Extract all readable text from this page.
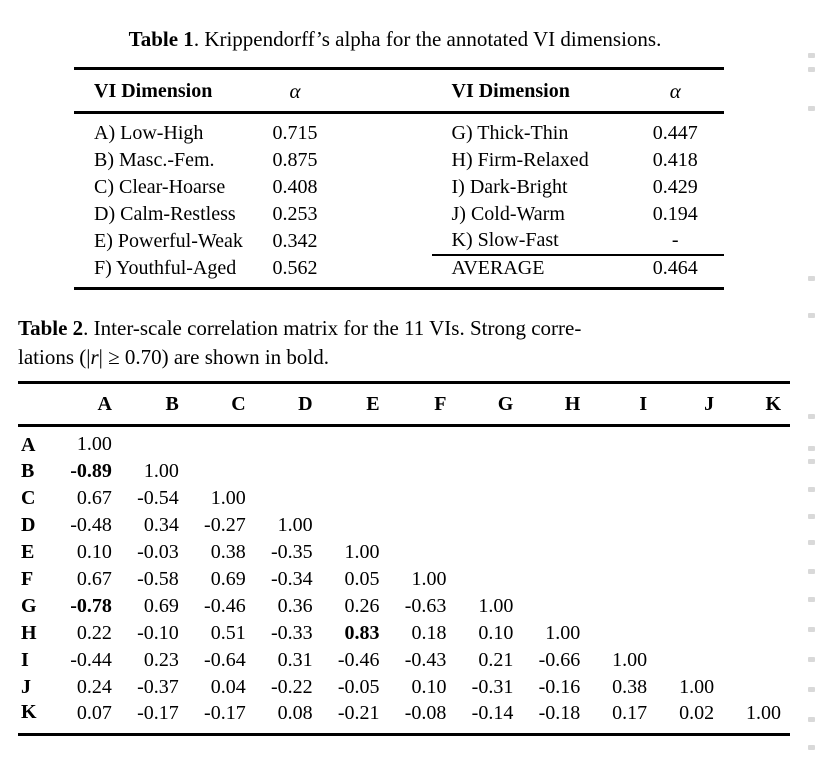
Table 1. Krippendorff’s alpha for the annotated VI dimensions.
VI Dimension	α		VI Dimension	α
A) Low-High	0.715		G) Thick-Thin	0.447
B) Masc.-Fem.	0.875		H) Firm-Relaxed	0.418
C) Clear-Hoarse	0.408		I) Dark-Bright	0.429
D) Calm-Restless	0.253		J) Cold-Warm	0.194
E) Powerful-Weak	0.342		K) Slow-Fast	-
F) Youthful-Aged	0.562		AVERAGE	0.464
Table 2. Inter-scale correlation matrix for the 11 VIs. Strong corre-
lations (|r| ≥ 0.70) are shown in bold.
	A	B	C	D	E	F	G	H	I	J	K
A	1.00										
B	-0.89	1.00									
C	0.67	-0.54	1.00								
D	-0.48	0.34	-0.27	1.00							
E	0.10	-0.03	0.38	-0.35	1.00						
F	0.67	-0.58	0.69	-0.34	0.05	1.00					
G	-0.78	0.69	-0.46	0.36	0.26	-0.63	1.00				
H	0.22	-0.10	0.51	-0.33	0.83	0.18	0.10	1.00			
I	-0.44	0.23	-0.64	0.31	-0.46	-0.43	0.21	-0.66	1.00		
J	0.24	-0.37	0.04	-0.22	-0.05	0.10	-0.31	-0.16	0.38	1.00	
K	0.07	-0.17	-0.17	0.08	-0.21	-0.08	-0.14	-0.18	0.17	0.02	1.00
